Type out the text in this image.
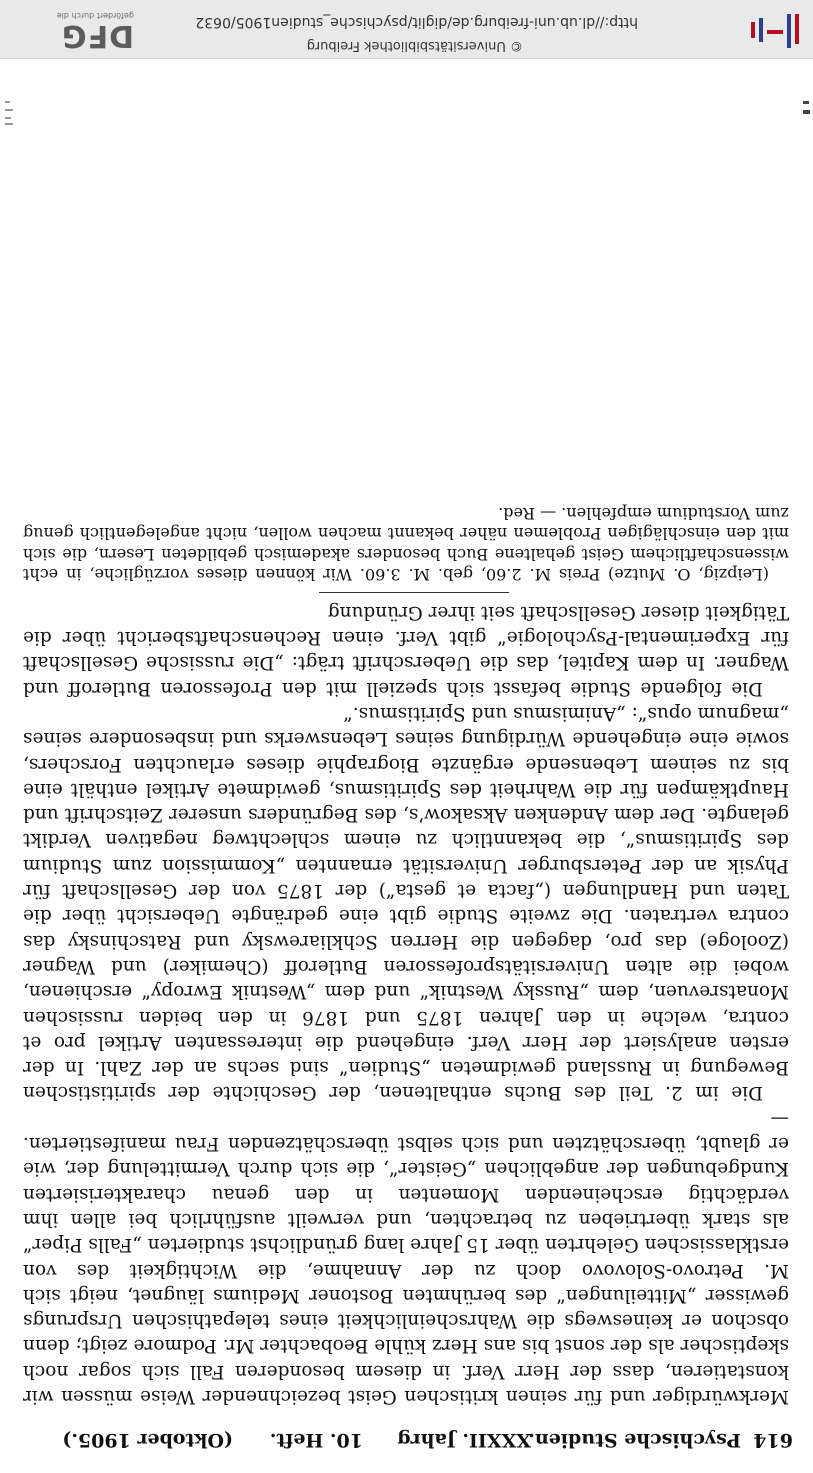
614
Psychische Studien.
XXXII. Jahrg
10. Heft.
(Oktober 1905.)

Merkwürdiger und für seinen kritischen Geist bezeichnender Weise müssen wir konstatieren, dass der Herr Verf. in diesem besonderen Fall sich sogar noch skeptischer als der sonst bis ans Herz kühle Beobachter Mr. Podmore zeigt; denn obschon er keineswegs die Wahrscheinlichkeit eines telepathischen Ursprungs gewisser „Mitteilungen“ des berühmten Bostoner Mediums läugnet, neigt sich M. Petrovo-Solovovo doch zu der Annahme, die Wichtigkeit des von erstklassischen Gelehrten über 15 Jahre lang gründlichst studierten „Falls Piper“ als stark übertrieben zu betrachten, und verweilt ausführlich bei allen ihm verdächtig erscheinenden Momenten in den genau charakterisierten Kundgebungen der angeblichen „Geister“, die sich durch Vermittelung der, wie er glaubt, überschätzten und sich selbst überschätzenden Frau manifestierten. —

Die im 2. Teil des Buchs enthaltenen, der Geschichte der spiritistischen Bewegung in Russland gewidmeten „Studien“ sind sechs an der Zahl. In der ersten analysiert der Herr Verf. eingehend die interessanten Artikel pro et contra, welche in den Jahren 1875 und 1876 in den beiden russischen Monatsrevuen, dem „Russky Westnik“ und dem „Westnik Ewropy“ erschienen, wobei die alten Universitätsprofessoren Butleroff (Chemiker) und Wagner (Zoologe) das pro, dagegen die Herren Schkliarewsky und Ratschinsky das contra vertraten. Die zweite Studie gibt eine gedrängte Uebersicht über die Taten und Handlungen („facta et gesta“) der 1875 von der Gesellschaft für Physik an der Petersburger Universität ernannten „Kommission zum Studium des Spiritismus“, die bekanntlich zu einem schlechtweg negativen Verdikt gelangte. Der dem Andenken Aksakow’s, des Begründers unserer Zeitschrift und Hauptkämpen für die Wahrheit des Spiritismus, gewidmete Artikel enthält eine bis zu seinem Lebensende ergänzte Biographie dieses erlauchten Forschers, sowie eine eingehende Würdigung seines Lebenswerks und insbesondere seines „magnum opus“: „Animismus und Spiritismus.“

Die folgende Studie befasst sich speziell mit den Professoren Butleroff und Wagner. In dem Kapitel, das die Ueberschrift trägt: „Die russische Gesellschaft für Experimental-Psychologie“ gibt Verf. einen Rechenschaftsbericht über die Tätigkeit dieser Gesellschaft seit ihrer Gründung

(Leipzig, O. Mutze) Preis M. 2.60, geb. M. 3.60. Wir können dieses vorzügliche, in echt wissenschaftlichem Geist gehaltene Buch besonders akademisch gebildeten Lesern, die sich mit den einschlägigen Problemen näher bekannt machen wollen, nicht angelegentlich genug zum Vorstudium empfehlen. — Red.

© Universitätsbibliothek Freiburg
http://dl.ub.uni-freiburg.de/diglit/psychische_studien1905/0632
DFG
gefördert durch die
